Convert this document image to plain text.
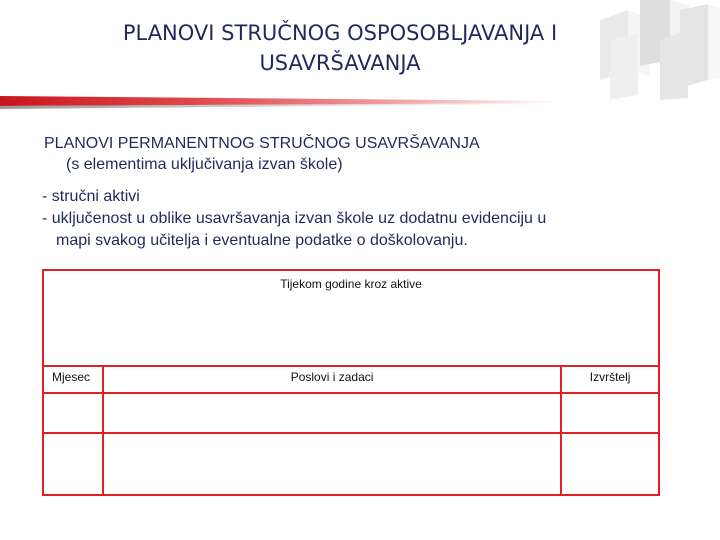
PLANOVI STRUČNOG OSPOSOBLJAVANJA I
USAVRŠAVANJA
PLANOVI PERMANENTNOG STRUČNOG USAVRŠAVANJA
(s elementima uključivanja izvan škole)
- stručni aktivi
- uključenost u oblike usavršavanja izvan škole uz dodatnu evidenciju u
mapi svakog učitelja i eventualne podatke o doškolovanju.
Tijekom godine kroz aktive		
Mjesec	Poslovi i zadaci	Izvrštelj
